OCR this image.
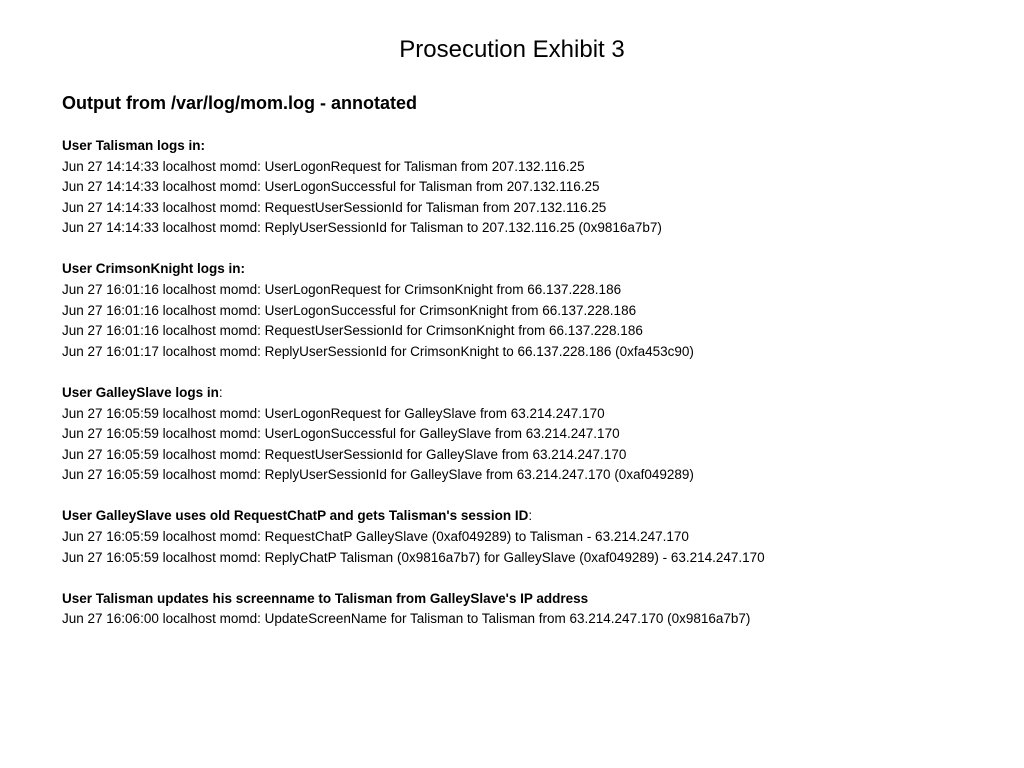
Prosecution Exhibit 3
Output from /var/log/mom.log - annotated
User Talisman logs in:
Jun 27 14:14:33 localhost momd: UserLogonRequest for Talisman from 207.132.116.25
Jun 27 14:14:33 localhost momd: UserLogonSuccessful for Talisman from 207.132.116.25
Jun 27 14:14:33 localhost momd: RequestUserSessionId for Talisman from 207.132.116.25
Jun 27 14:14:33 localhost momd: ReplyUserSessionId for Talisman to 207.132.116.25 (0x9816a7b7)
User CrimsonKnight logs in:
Jun 27 16:01:16 localhost momd: UserLogonRequest for CrimsonKnight from 66.137.228.186
Jun 27 16:01:16 localhost momd: UserLogonSuccessful for CrimsonKnight from 66.137.228.186
Jun 27 16:01:16 localhost momd: RequestUserSessionId for CrimsonKnight from 66.137.228.186
Jun 27 16:01:17 localhost momd: ReplyUserSessionId for CrimsonKnight to 66.137.228.186 (0xfa453c90)
User GalleySlave logs in:
Jun 27 16:05:59 localhost momd: UserLogonRequest for GalleySlave from 63.214.247.170
Jun 27 16:05:59 localhost momd: UserLogonSuccessful for GalleySlave from 63.214.247.170
Jun 27 16:05:59 localhost momd: RequestUserSessionId for GalleySlave from 63.214.247.170
Jun 27 16:05:59 localhost momd: ReplyUserSessionId for GalleySlave from 63.214.247.170 (0xaf049289)
User GalleySlave uses old RequestChatP and gets Talisman's session ID:
Jun 27 16:05:59 localhost momd: RequestChatP GalleySlave (0xaf049289) to Talisman - 63.214.247.170
Jun 27 16:05:59 localhost momd: ReplyChatP Talisman (0x9816a7b7) for GalleySlave (0xaf049289) - 63.214.247.170
User Talisman updates his screenname to Talisman from GalleySlave's IP address
Jun 27 16:06:00 localhost momd: UpdateScreenName for Talisman to Talisman from 63.214.247.170 (0x9816a7b7)
